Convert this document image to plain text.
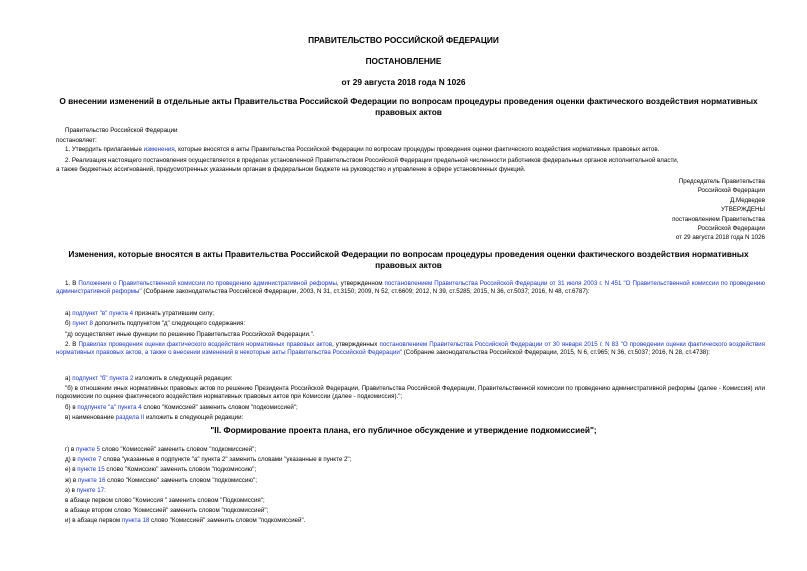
ПРАВИТЕЛЬСТВО РОССИЙСКОЙ ФЕДЕРАЦИИ
ПОСТАНОВЛЕНИЕ
от 29 августа 2018 года N 1026
О внесении изменений в отдельные акты Правительства Российской Федерации по вопросам процедуры проведения оценки фактического воздействия нормативных правовых актов
Правительство Российской Федерации
постановляет:
1. Утвердить прилагаемые изменения, которые вносятся в акты Правительства Российской Федерации по вопросам процедуры проведения оценки фактического воздействия нормативных правовых актов.
2. Реализация настоящего постановления осуществляется в пределах установленной Правительством Российской Федерации предельной численности работников федеральных органов исполнительной власти,
а также бюджетных ассигнований, предусмотренных указанным органам в федеральном бюджете на руководство и управление в сфере установленных функций.
Председатель Правительства
Российской Федерации
Д.Медведев
УТВЕРЖДЕНЫ
постановлением Правительства
Российской Федерации
от 29 августа 2018 года N 1026
Изменения, которые вносятся в акты Правительства Российской Федерации по вопросам процедуры проведения оценки фактического воздействия нормативных правовых актов
1. В Положении о Правительственной комиссии по проведению административной реформы, утвержденном постановлением Правительства Российской Федерации от 31 июля 2003 г. N 451 "О Правительственной комиссии по проведению административной реформы" (Собрание законодательства Российской Федерации, 2003, N 31, ст.3150; 2009, N 52, ст.6609; 2012, N 39, ст.5285; 2015, N 36, ст.5037; 2016, N 48, ст.6787):
а) подпункт "в" пункта 4 признать утратившим силу;
б) пункт 8 дополнить подпунктом "д" следующего содержания:
"д) осуществляет иные функции по решению Правительства Российской Федерации.".
2. В Правилах проведения оценки фактического воздействия нормативных правовых актов, утвержденных постановлением Правительства Российской Федерации от 30 января 2015 г. N 83 "О проведении оценки фактического воздействия нормативных правовых актов, а также о внесении изменений в некоторые акты Правительства Российской Федерации" (Собрание законодательства Российской Федерации, 2015, N 6, ст.965; N 36, ст.5037; 2016, N 28, ст.4738):
а) подпункт "б" пункта 2 изложить в следующей редакции:
"б) в отношении иных нормативных правовых актов по решению Президента Российской Федерации, Правительства Российской Федерации, Правительственной комиссии по проведению административной реформы (далее - Комиссия) или подкомиссии по оценке фактического воздействия нормативных правовых актов при Комиссии (далее - подкомиссия).";
б) в подпункте "а" пункта 4 слово "Комиссией" заменить словом "подкомиссией";
в) наименование раздела II изложить в следующей редакции:
"II. Формирование проекта плана, его публичное обсуждение и утверждение подкомиссией";
г) в пункте 5 слово "Комиссией" заменить словом "подкомиссией";
д) в пункте 7 слова "указанные в подпункте "а" пункта 2" заменить словами "указанные в пункте 2";
е) в пункте 15 слово "Комиссию" заменить словом "подкомиссию";
ж) в пункте 16 слово "Комиссию" заменить словом "подкомиссию";
з) в пункте 17:
в абзаце первом слово "Комиссия " заменить словом "Подкомиссия";
в абзаце втором слово "Комиссией" заменить словом "подкомиссией";
и) в абзаце первом пункта 18 слово "Комиссией" заменить словом "подкомиссией".
